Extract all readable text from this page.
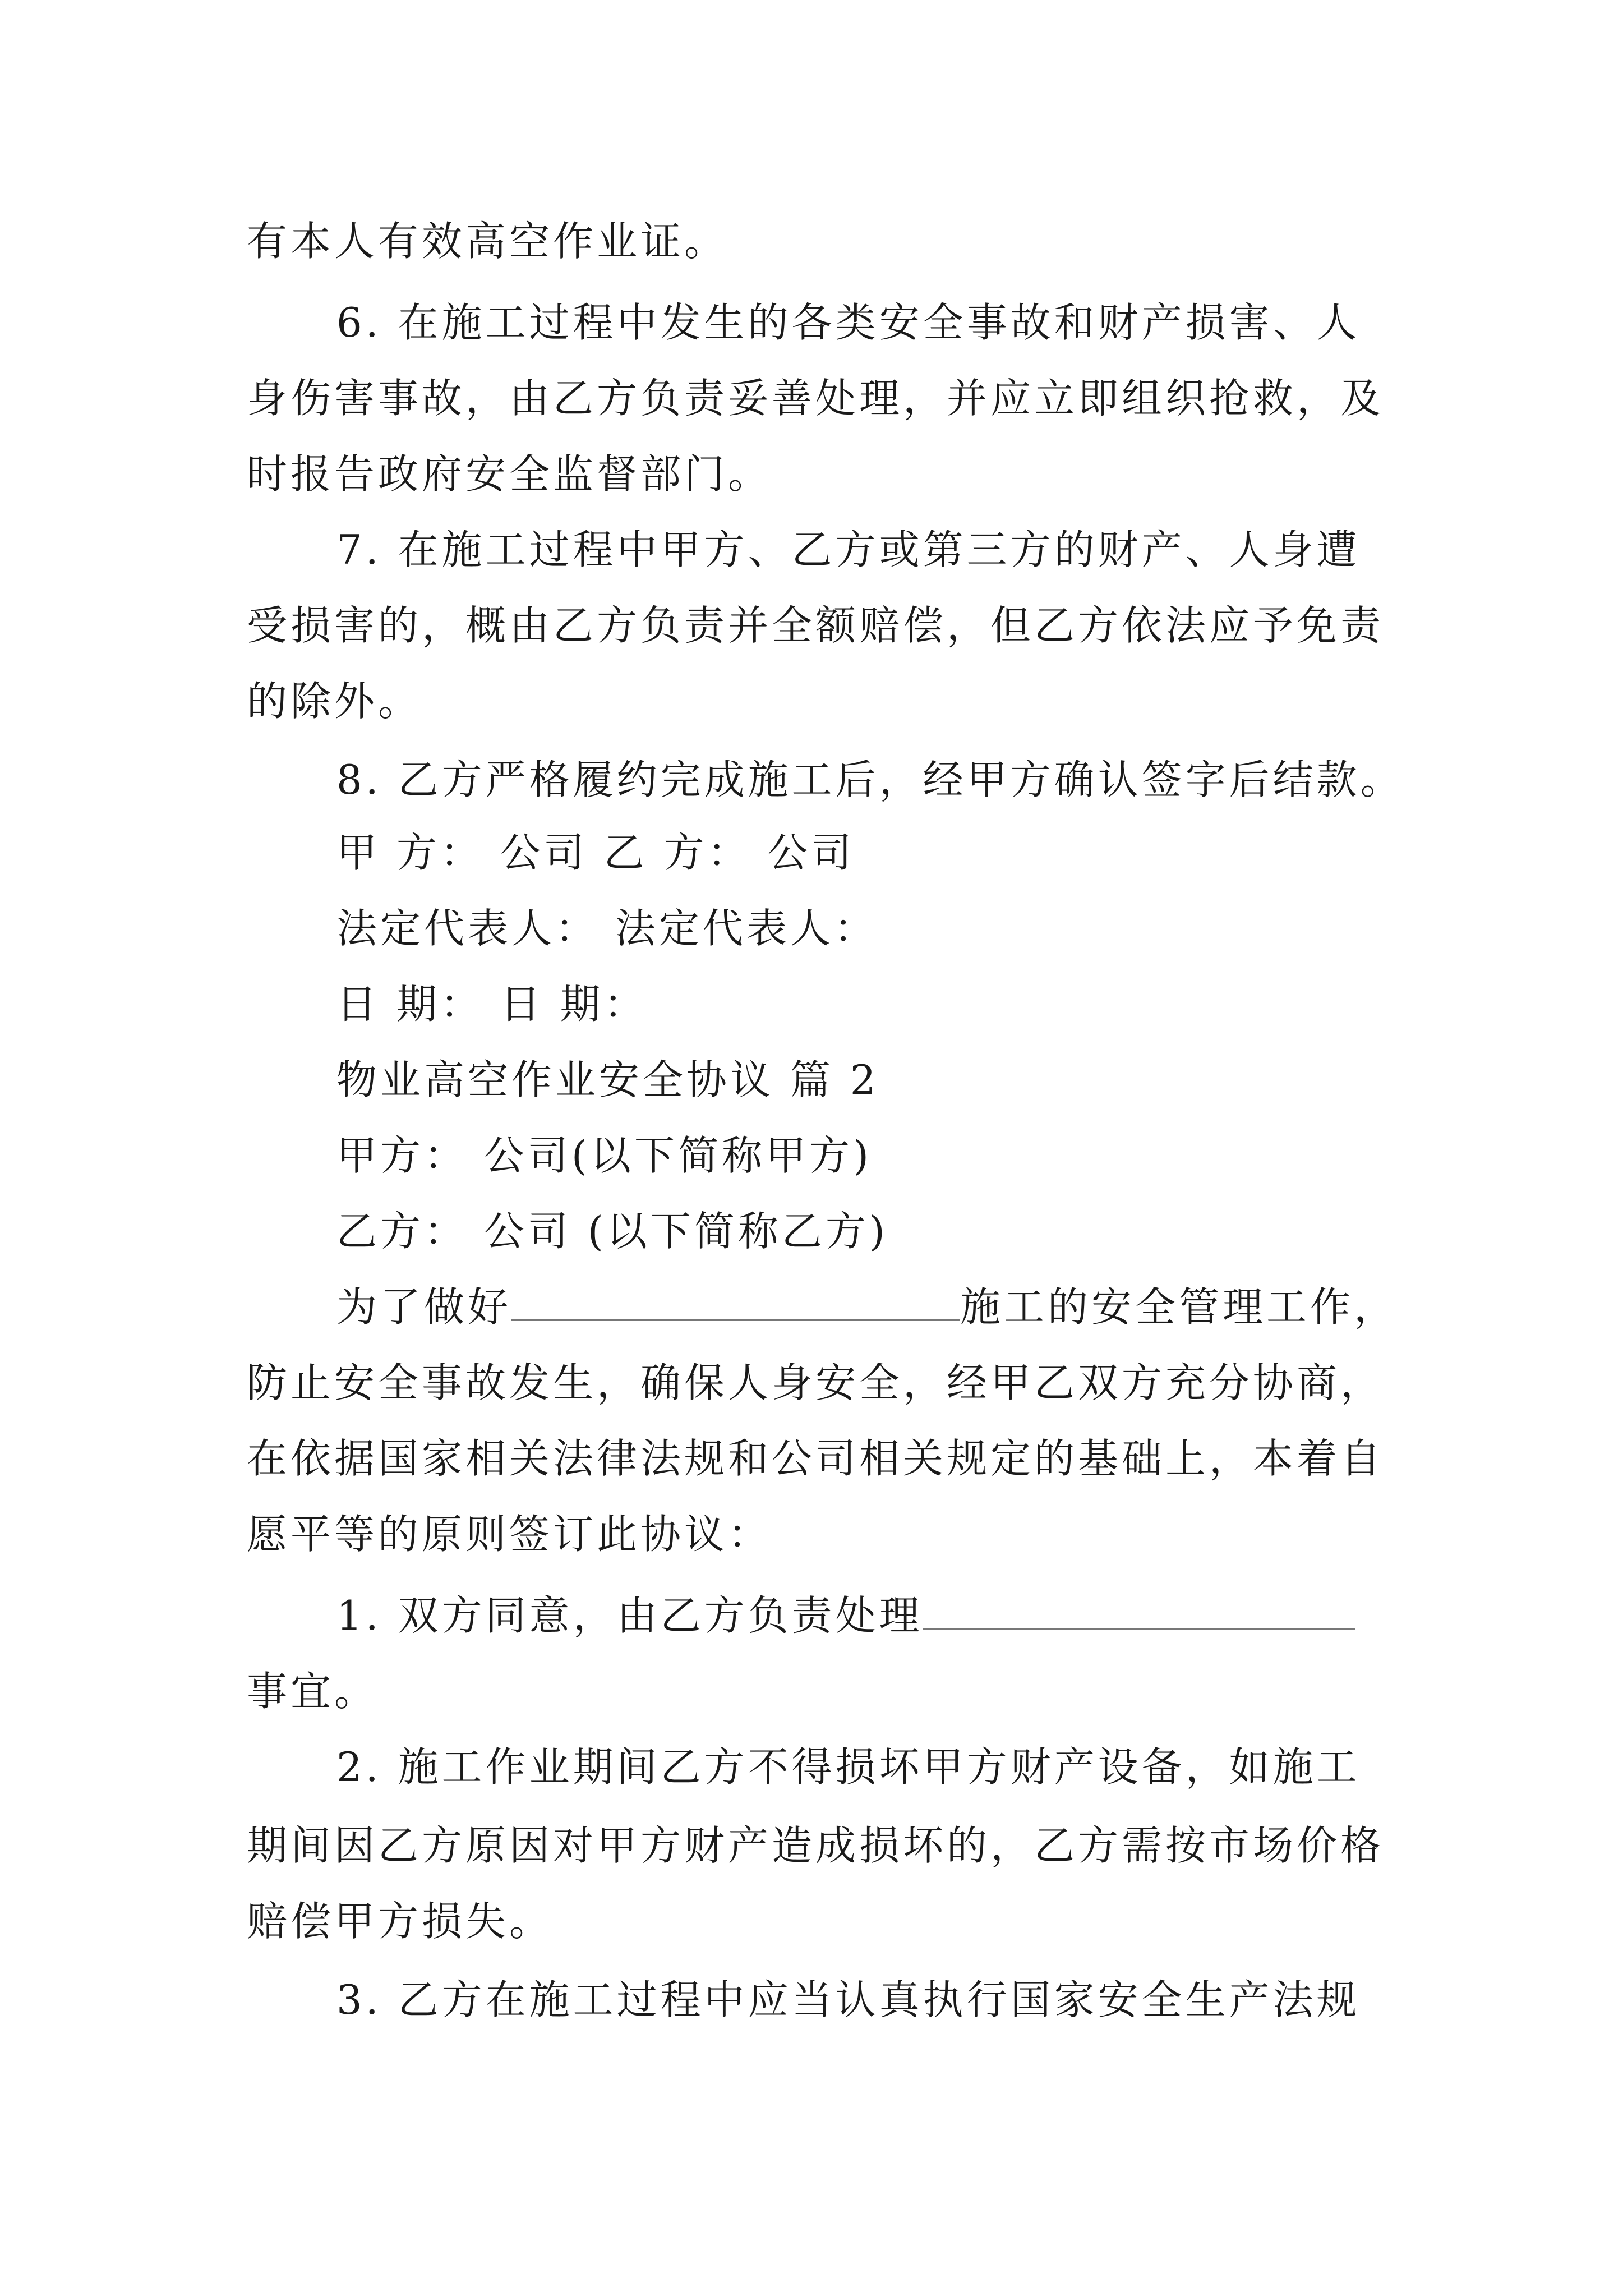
有本人有效高空作业证。
6. 在施工过程中发生的各类安全事故和财产损害、人
身伤害事故，由乙方负责妥善处理，并应立即组织抢救，及
时报告政府安全监督部门。
7. 在施工过程中甲方、乙方或第三方的财产、人身遭
受损害的，概由乙方负责并全额赔偿，但乙方依法应予免责
的除外。
8. 乙方严格履约完成施工后，经甲方确认签字后结款。
甲 方： 公司 乙 方： 公司
法定代表人： 法定代表人：
日 期： 日 期：
物业高空作业安全协议 篇 2
甲方： 公司(以下简称甲方)
乙方： 公司 (以下简称乙方)
为了做好	施工的安全管理工作，
防止安全事故发生，确保人身安全，经甲乙双方充分协商，
在依据国家相关法律法规和公司相关规定的基础上，本着自
愿平等的原则签订此协议：
1. 双方同意，由乙方负责处理
事宜。
2. 施工作业期间乙方不得损坏甲方财产设备，如施工
期间因乙方原因对甲方财产造成损坏的，乙方需按市场价格
赔偿甲方损失。
3. 乙方在施工过程中应当认真执行国家安全生产法规
